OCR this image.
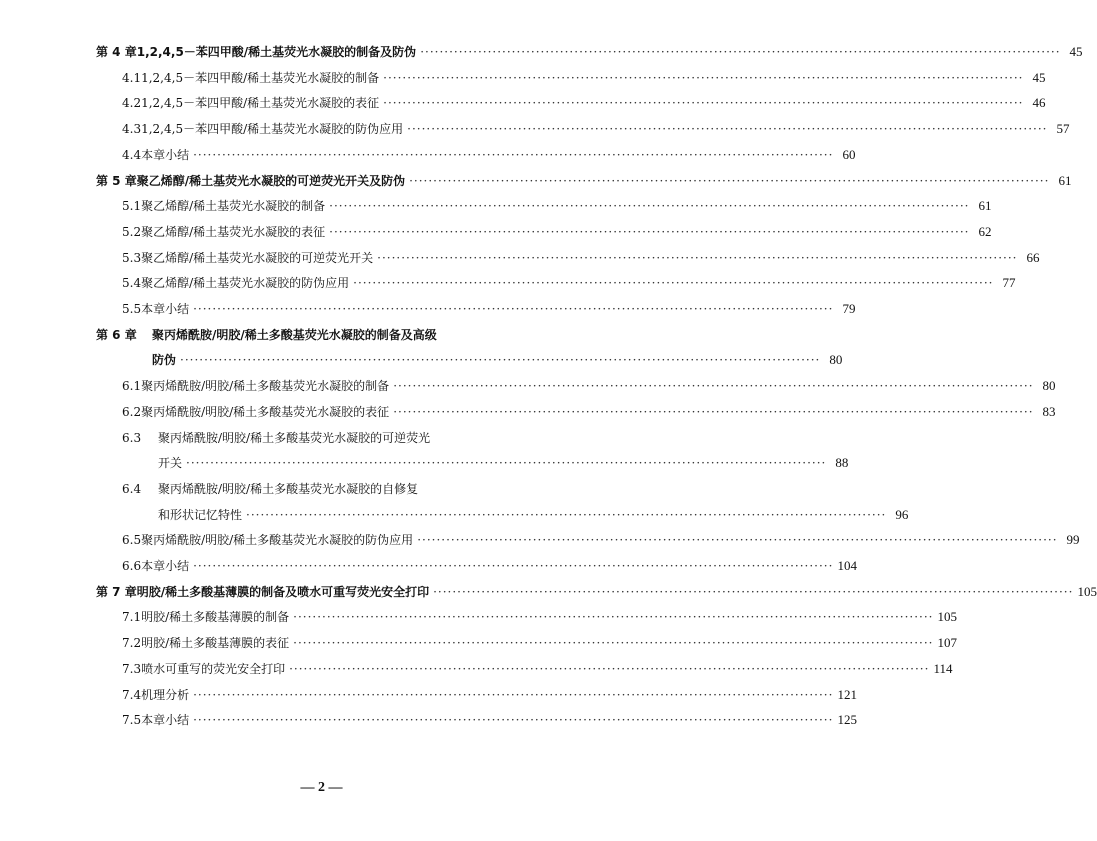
第 4 章 1,2,4,5－苯四甲酸/稀土基荧光水凝胶的制备及防伪 ·····	45
4.1 1,2,4,5－苯四甲酸/稀土基荧光水凝胶的制备 ·····	45
4.2 1,2,4,5－苯四甲酸/稀土基荧光水凝胶的表征 ·····	46
4.3 1,2,4,5－苯四甲酸/稀土基荧光水凝胶的防伪应用 ·····	57
4.4 本章小结 ·····	60
第 5 章 聚乙烯醇/稀土基荧光水凝胶的可逆荧光开关及防伪 ·····	61
5.1 聚乙烯醇/稀土基荧光水凝胶的制备 ·····	61
5.2 聚乙烯醇/稀土基荧光水凝胶的表征 ·····	62
5.3 聚乙烯醇/稀土基荧光水凝胶的可逆荧光开关 ·····	66
5.4 聚乙烯醇/稀土基荧光水凝胶的防伪应用 ·····	77
5.5 本章小结 ·····	79
第 6 章	聚丙烯酰胺/明胶/稀土多酸基荧光水凝胶的制备及高级
防伪 ·····	80
6.1 聚丙烯酰胺/明胶/稀土多酸基荧光水凝胶的制备 ·····	80
6.2 聚丙烯酰胺/明胶/稀土多酸基荧光水凝胶的表征 ·····	83
6.3	聚丙烯酰胺/明胶/稀土多酸基荧光水凝胶的可逆荧光
开关 ·····	88
6.4	聚丙烯酰胺/明胶/稀土多酸基荧光水凝胶的自修复
和形状记忆特性 ·····	96
6.5 聚丙烯酰胺/明胶/稀土多酸基荧光水凝胶的防伪应用 ·····	99
6.6 本章小结 ·····	104
第 7 章 明胶/稀土多酸基薄膜的制备及喷水可重写荧光安全打印 ·····	105
7.1 明胶/稀土多酸基薄膜的制备 ·····	105
7.2 明胶/稀土多酸基薄膜的表征 ·····	107
7.3 喷水可重写的荧光安全打印 ·····	114
7.4 机理分析 ·····	121
7.5 本章小结 ·····	125
— 2 —
